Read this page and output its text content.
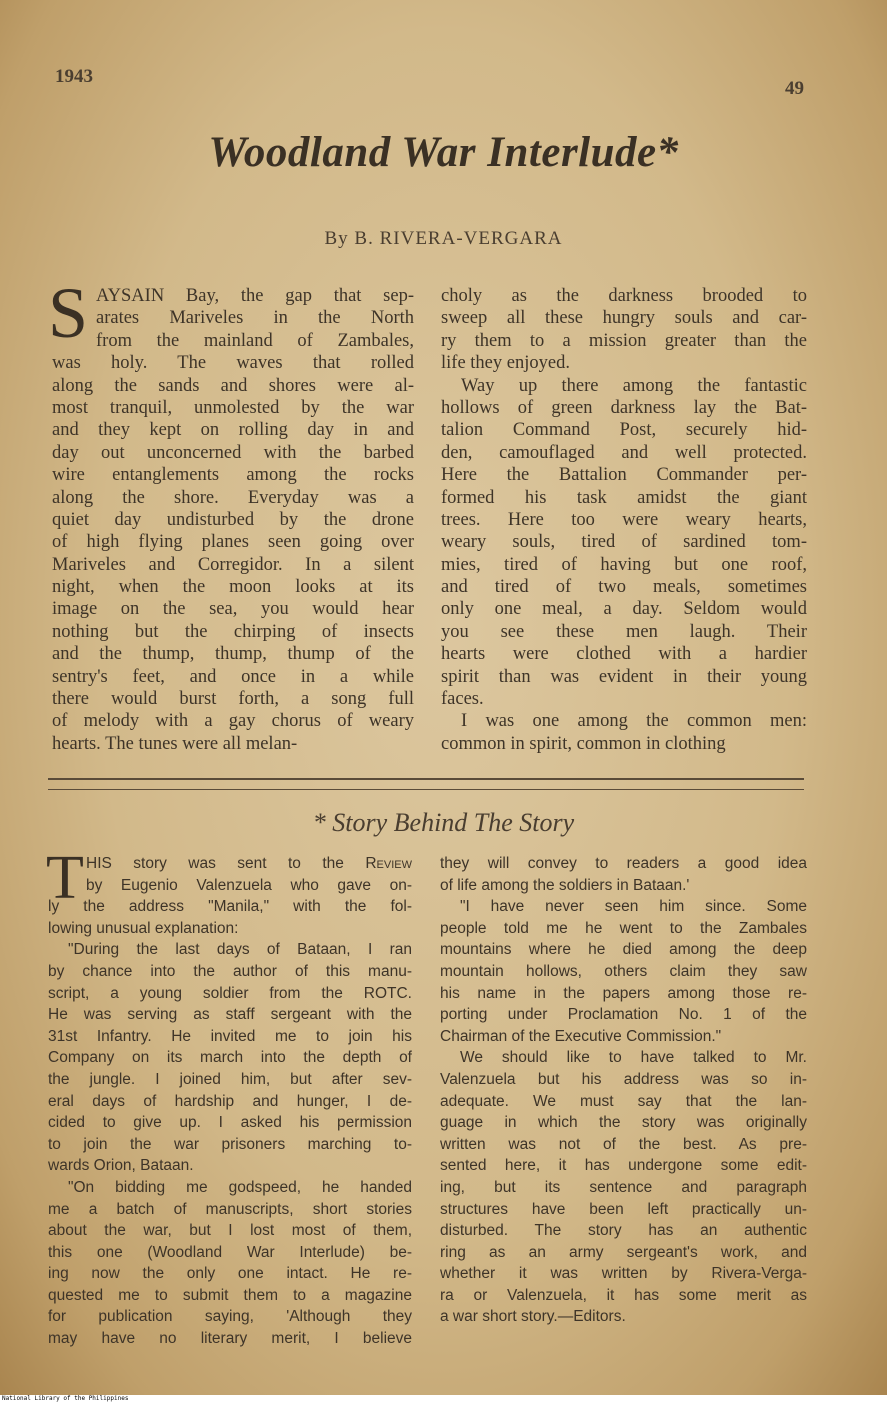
1943
49
Woodland War Interlude*
By B. RIVERA-VERGARA
S AYSAIN Bay, the gap that sep-
arates Mariveles in the North
from the mainland of Zambales,
was holy. The waves that rolled
along the sands and shores were al-
most tranquil, unmolested by the war
and they kept on rolling day in and
day out unconcerned with the barbed
wire entanglements among the rocks
along the shore. Everyday was a
quiet day undisturbed by the drone
of high flying planes seen going over
Mariveles and Corregidor. In a silent
night, when the moon looks at its
image on the sea, you would hear
nothing but the chirping of insects
and the thump, thump, thump of the
sentry's feet, and once in a while
there would burst forth, a song full
of melody with a gay chorus of weary
hearts. The tunes were all melan-
choly as the darkness brooded to
sweep all these hungry souls and car-
ry them to a mission greater than the
life they enjoyed.
Way up there among the fantastic
hollows of green darkness lay the Bat-
talion Command Post, securely hid-
den, camouflaged and well protected.
Here the Battalion Commander per-
formed his task amidst the giant
trees. Here too were weary hearts,
weary souls, tired of sardined tom-
mies, tired of having but one roof,
and tired of two meals, sometimes
only one meal, a day. Seldom would
you see these men laugh. Their
hearts were clothed with a hardier
spirit than was evident in their young
faces.
I was one among the common men:
common in spirit, common in clothing
* Story Behind The Story
T HIS story was sent to the Review
by Eugenio Valenzuela who gave on-
ly the address "Manila," with the fol-
lowing unusual explanation:
"During the last days of Bataan, I ran
by chance into the author of this manu-
script, a young soldier from the ROTC.
He was serving as staff sergeant with the
31st Infantry. He invited me to join his
Company on its march into the depth of
the jungle. I joined him, but after sev-
eral days of hardship and hunger, I de-
cided to give up. I asked his permission
to join the war prisoners marching to-
wards Orion, Bataan.
"On bidding me godspeed, he handed
me a batch of manuscripts, short stories
about the war, but I lost most of them,
this one (Woodland War Interlude) be-
ing now the only one intact. He re-
quested me to submit them to a magazine
for publication saying, 'Although they
may have no literary merit, I believe
they will convey to readers a good idea
of life among the soldiers in Bataan.'
"I have never seen him since. Some
people told me he went to the Zambales
mountains where he died among the deep
mountain hollows, others claim they saw
his name in the papers among those re-
porting under Proclamation No. 1 of the
Chairman of the Executive Commission."
We should like to have talked to Mr.
Valenzuela but his address was so in-
adequate. We must say that the lan-
guage in which the story was originally
written was not of the best. As pre-
sented here, it has undergone some edit-
ing, but its sentence and paragraph
structures have been left practically un-
disturbed. The story has an authentic
ring as an army sergeant's work, and
whether it was written by Rivera-Verga-
ra or Valenzuela, it has some merit as
a war short story.—Editors.
National Library of the Philippines
